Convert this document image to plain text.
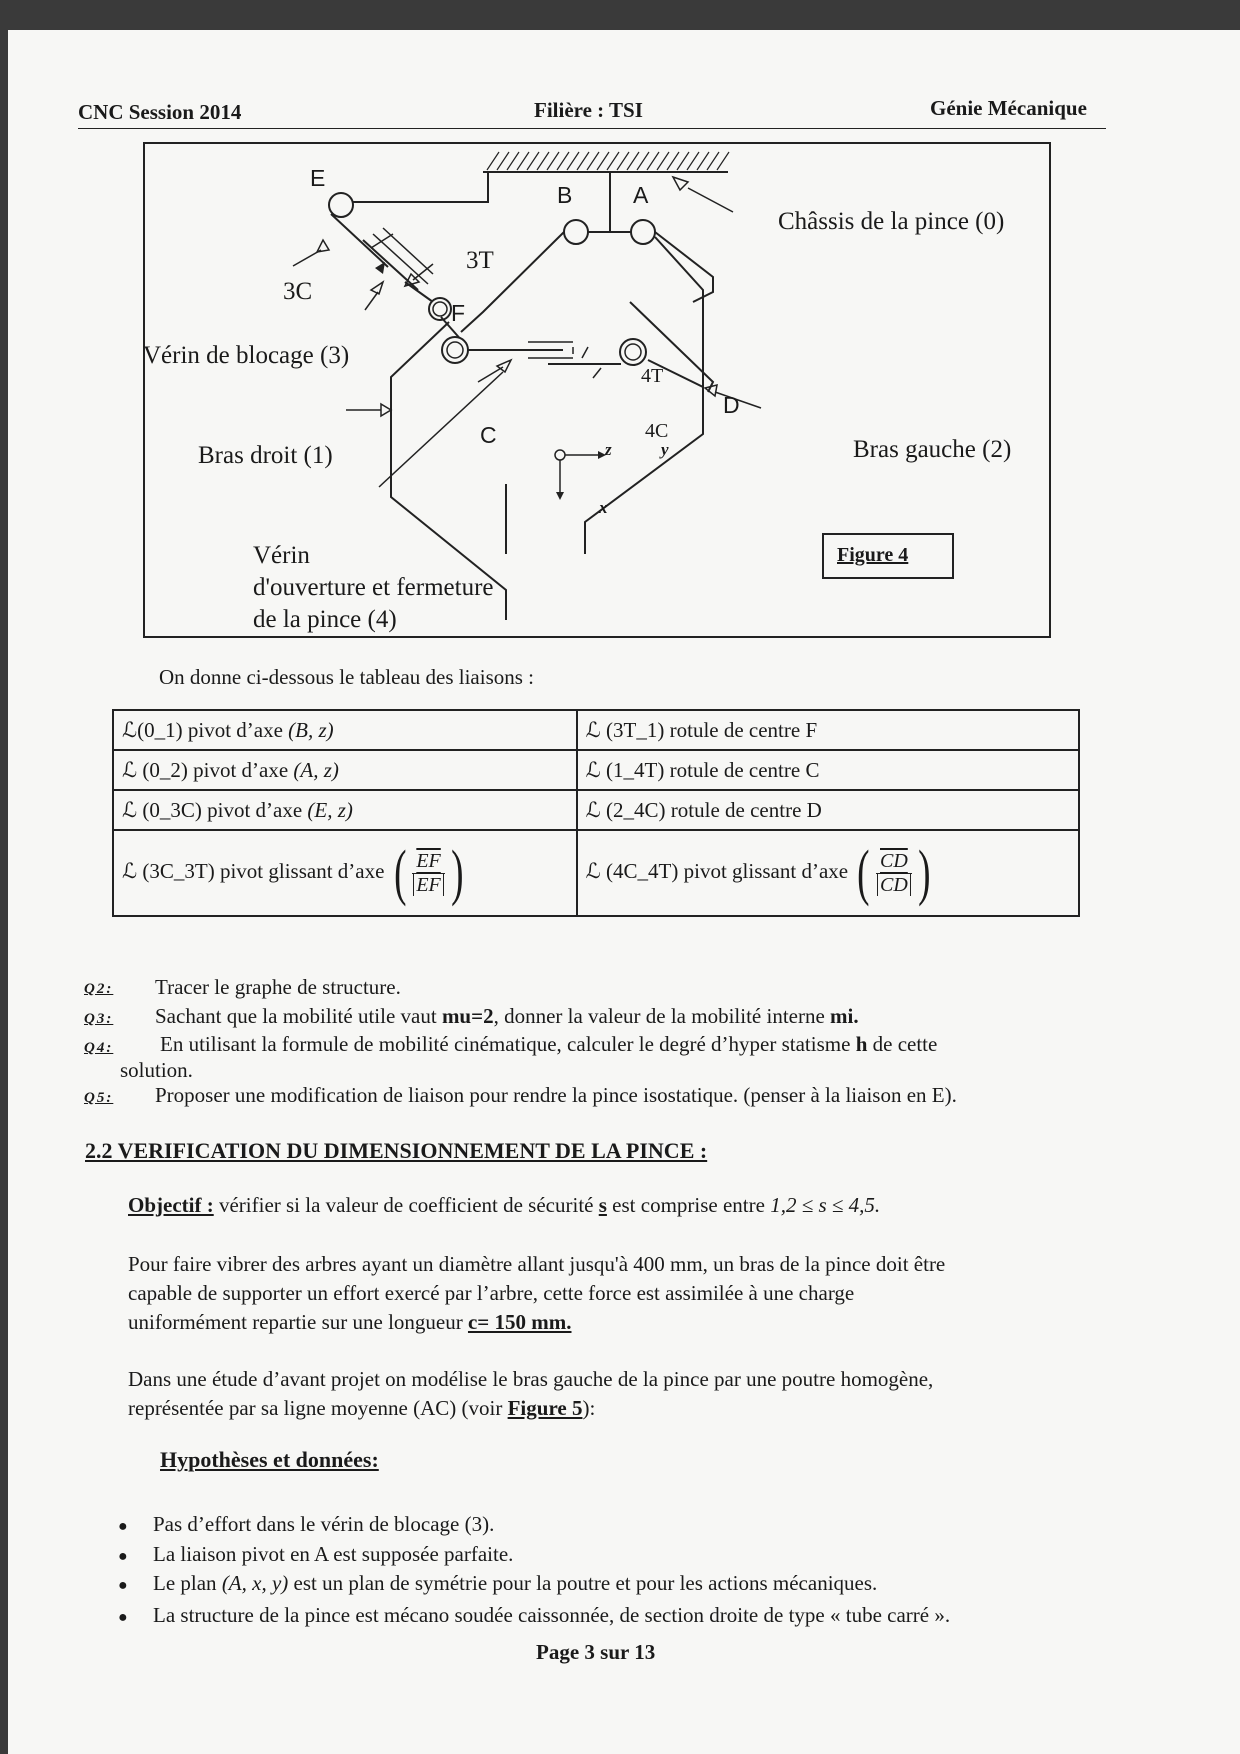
CNC Session 2014	Filière : TSI	Génie Mécanique
E
B	A
F
C
D
Châssis de la pince (0)
Vérin de blocage (3)
Bras droit (1)	Bras gauche (2)
Vérin
d'ouverture et fermeture
de la pince (4)
3C
3T
4T
4C
z	y
x
Figure 4
On donne ci-dessous le tableau des liaisons :
ℒ(0_1) pivot d’axe (B, z)	ℒ (3T_1) rotule de centre F
ℒ (0_2) pivot d’axe (A, z)	ℒ (1_4T) rotule de centre C
ℒ (0_3C) pivot d’axe (E, z)	ℒ (2_4C) rotule de centre D
ℒ (3C_3T) pivot glissant d’axe ( $\frac{\overline{EF}}{EF}$ )	ℒ (4C_4T) pivot glissant d’axe ( $\frac{\overline{CD}}{CD}$ )
Q2: Tracer le graphe de structure.
Q3: Sachant que la mobilité utile vaut mu=2, donner la valeur de la mobilité interne mi.
Q4: En utilisant la formule de mobilité cinématique, calculer le degré d’hyper statisme h de cette
solution.
Q5: Proposer une modification de liaison pour rendre la pince isostatique. (penser à la liaison en E).
2.2 VERIFICATION DU DIMENSIONNEMENT DE LA PINCE :
Objectif : vérifier si la valeur de coefficient de sécurité s est comprise entre 1,2 ≤ s ≤ 4,5.
Pour faire vibrer des arbres ayant un diamètre allant jusqu'à 400 mm, un bras de la pince doit être
capable de supporter un effort exercé par l’arbre, cette force est assimilée à une charge
uniformément repartie sur une longueur c= 150 mm.
Dans une étude d’avant projet on modélise le bras gauche de la pince par une poutre homogène,
représentée par sa ligne moyenne (AC) (voir Figure 5):
Hypothèses et données:
● Pas d’effort dans le vérin de blocage (3).
● La liaison pivot en A est supposée parfaite.
● Le plan (A, x, y) est un plan de symétrie pour la poutre et pour les actions mécaniques.
● La structure de la pince est mécano soudée caissonnée, de section droite de type « tube carré ».
Page 3 sur 13
